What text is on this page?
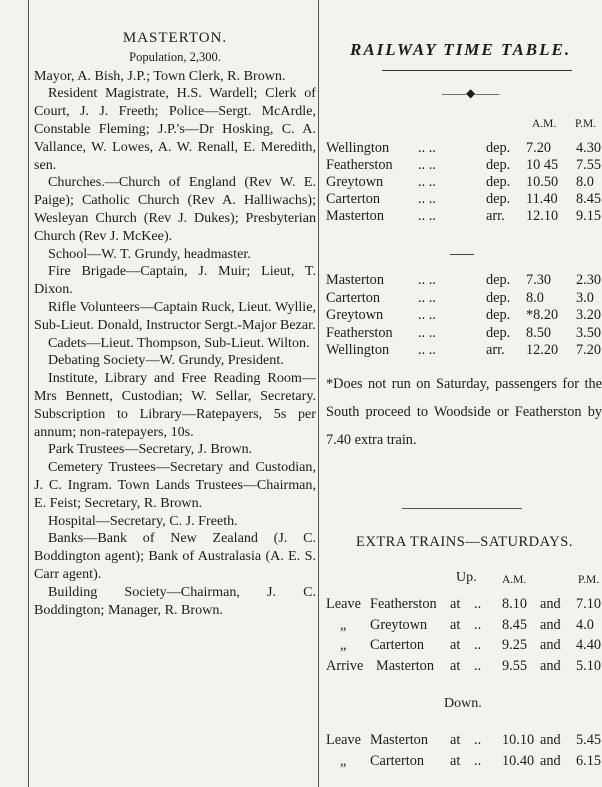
MASTERTON.
Population, 2,300.

Mayor, A. Bish, J.P.; Town Clerk, R. Brown.

Resident Magistrate, H.S. Wardell; Clerk of Court, J. J. Freeth; Police—Sergt. McArdle, Constable Fleming; J.P.'s—Dr Hosking, C. A. Vallance, W. Lowes, A. W. Renall, E. Meredith, sen.

Churches.—Church of England (Rev W. E. Paige); Catholic Church (Rev A. Halliwachs); Wesleyan Church (Rev J. Dukes); Presbyterian Church (Rev J. McKee).

School—W. T. Grundy, headmaster.

Fire Brigade—Captain, J. Muir; Lieut, T. Dixon.

Rifle Volunteers—Captain Ruck, Lieut. Wyllie, Sub-Lieut. Donald, Instructor Sergt.-Major Bezar.

Cadets—Lieut. Thompson, Sub-Lieut. Wilton.

Debating Society—W. Grundy, President.

Institute, Library and Free Reading Room—Mrs Bennett, Custodian; W. Sellar, Secretary. Subscription to Library—Ratepayers, 5s per annum; non-ratepayers, 10s.

Park Trustees—Secretary, J. Brown.

Cemetery Trustees—Secretary and Custodian, J. C. Ingram. Town Lands Trustees—Chairman, E. Feist; Secretary, R. Brown.

Hospital—Secretary, C. J. Freeth.

Banks—Bank of New Zealand (J. C. Boddington agent); Bank of Australasia (A. E. S. Carr agent).

Building Society—Chairman, J. C. Boddington; Manager, R. Brown.

RAILWAY TIME TABLE.
——◆——
A.M. P.M.
Wellington .. ..	dep. 7.20 4.30
Featherston .. ..	dep. 10 45 7.55
Greytown .. ..	dep. 10.50 8.0
Carterton	.. ..	dep. 11.40 8.45
Masterton .. ..	arr. 12.10 9.15
Masterton .. ..	dep. 7.30 2.30
Carterton	.. ..	dep. 8.0 3.0
Greytown .. ..	dep. *8.20 3.20
Featherston .. ..	dep. 8.50 3.50
Wellington .. ..	arr. 12.20 7.20
*Does not run on Saturday, passengers for the South proceed to Woodside or Featherston by 7.40 extra train.
EXTRA TRAINS—SATURDAYS.
Up. A.M.	P.M.
Leave Featherston at .. 8.10 and 7.10
„ Greytown at .. 8.45 and 4.0
„ Carterton at .. 9.25 and 4.40
Arrive Masterton at .. 9.55 and 5.10
Down.
Leave Masterton at .. 10.10 and 5.45
„ Carterton at .. 10.40 and 6.15
